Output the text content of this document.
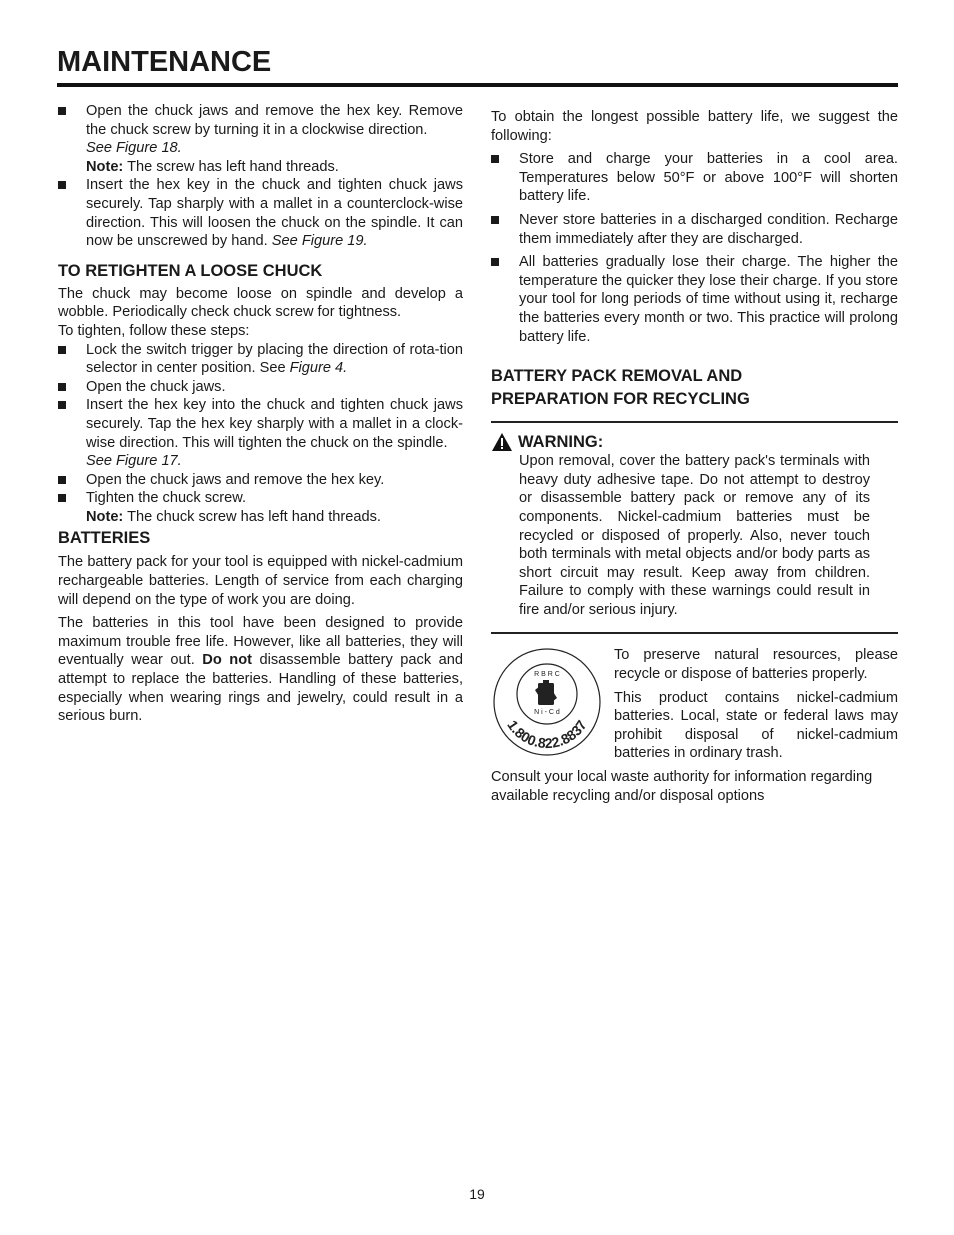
MAINTENANCE
Open the chuck jaws and remove the hex key. Remove the chuck screw by turning it in a clockwise direction.
See Figure 18.
Note: The screw has left hand threads.
Insert the hex key in the chuck and tighten chuck jaws securely. Tap sharply with a mallet in a counterclock-wise direction. This will loosen the chuck on the spindle. It can now be unscrewed by hand. See Figure 19.
TO RETIGHTEN A LOOSE CHUCK

The chuck may become loose on spindle and develop a wobble. Periodically check chuck screw for tightness.

To tighten, follow these steps:

Lock the switch trigger by placing the direction of rota-tion selector in center position. See Figure 4.
Open the chuck jaws.
Insert the hex key into the chuck and tighten chuck jaws securely. Tap the hex key sharply with a mallet in a clock-wise direction. This will tighten the chuck on the spindle.
See Figure 17.
Open the chuck jaws and remove the hex key.
Tighten the chuck screw.
Note: The chuck screw has left hand threads.
BATTERIES

The battery pack for your tool is equipped with nickel-cadmium rechargeable batteries. Length of service from each charging will depend on the type of work you are doing.

The batteries in this tool have been designed to provide maximum trouble free life. However, like all batteries, they will eventually wear out. Do not disassemble battery pack and attempt to replace the batteries. Handling of these batteries, especially when wearing rings and jewelry, could result in a serious burn.

To obtain the longest possible battery life, we suggest the following:

Store and charge your batteries in a cool area. Temperatures below 50°F or above 100°F will shorten battery life.
Never store batteries in a discharged condition. Recharge them immediately after they are discharged.
All batteries gradually lose their charge. The higher the temperature the quicker they lose their charge. If you store your tool for long periods of time without using it, recharge the batteries every month or two. This practice will prolong battery life.
BATTERY PACK REMOVAL AND
PREPARATION FOR RECYCLING
WARNING:

Upon removal, cover the battery pack's terminals with heavy duty adhesive tape. Do not attempt to destroy or disassemble battery pack or remove any of its components. Nickel-cadmium batteries must be recycled or disposed of properly. Also, never touch both terminals with metal objects and/or body parts as short circuit may result. Keep away from children. Failure to comply with these warnings could result in fire and/or serious injury.

R B R C
N i - C d
1.800.822.8837

To preserve natural resources, please recycle or dispose of batteries properly.

This product contains nickel-cadmium batteries. Local, state or federal laws may prohibit disposal of nickel-cadmium batteries in ordinary trash.

Consult your local waste authority for information regarding available recycling and/or disposal options

19
